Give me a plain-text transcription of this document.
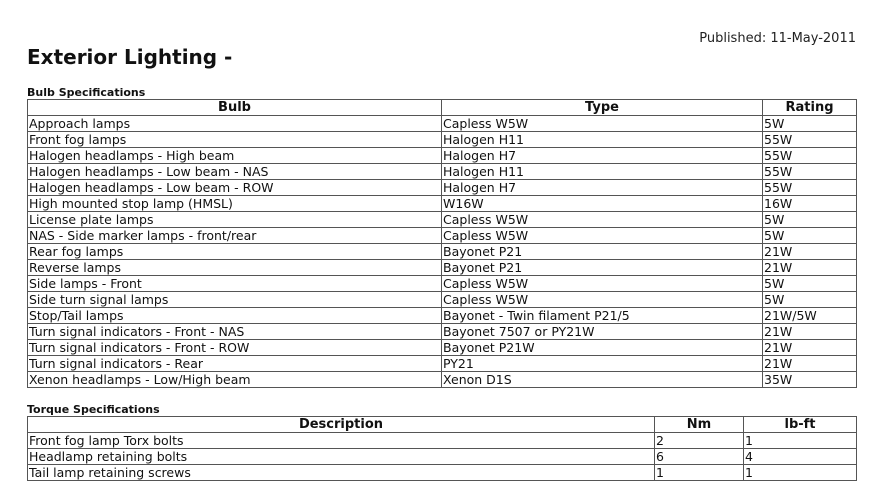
Published: 11-May-2011
Exterior Lighting -
Bulb Specifications
Bulb	Type	Rating
Approach lamps	Capless W5W	5W
Front fog lamps	Halogen H11	55W
Halogen headlamps - High beam	Halogen H7	55W
Halogen headlamps - Low beam - NAS	Halogen H11	55W
Halogen headlamps - Low beam - ROW	Halogen H7	55W
High mounted stop lamp (HMSL)	W16W	16W
License plate lamps	Capless W5W	5W
NAS - Side marker lamps - front/rear	Capless W5W	5W
Rear fog lamps	Bayonet P21	21W
Reverse lamps	Bayonet P21	21W
Side lamps - Front	Capless W5W	5W
Side turn signal lamps	Capless W5W	5W
Stop/Tail lamps	Bayonet - Twin filament P21/5	21W/5W
Turn signal indicators - Front - NAS	Bayonet 7507 or PY21W	21W
Turn signal indicators - Front - ROW	Bayonet P21W	21W
Turn signal indicators - Rear	PY21	21W
Xenon headlamps - Low/High beam	Xenon D1S	35W
Torque Specifications
Description	Nm	lb-ft
Front fog lamp Torx bolts	2	1
Headlamp retaining bolts	6	4
Tail lamp retaining screws	1	1
